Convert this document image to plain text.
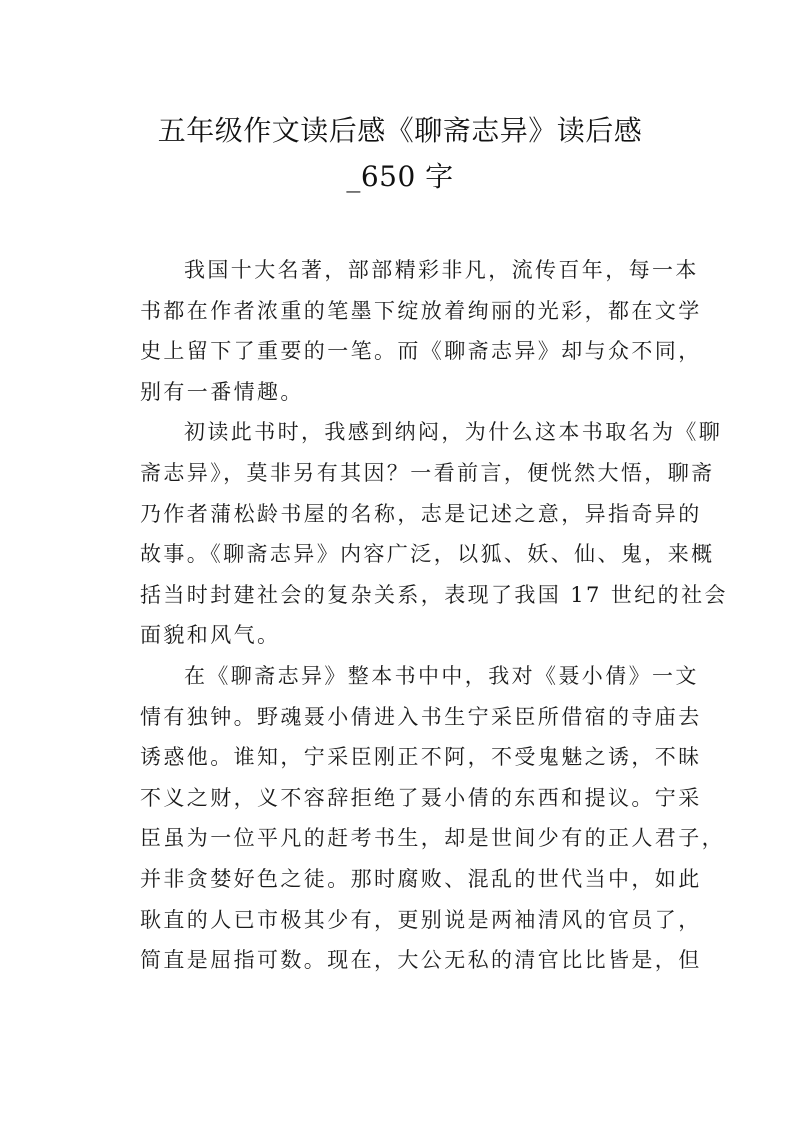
五年级作文读后感《聊斋志异》读后感
_650 字
我国十大名著，部部精彩非凡，流传百年，每一本
书都在作者浓重的笔墨下绽放着绚丽的光彩，都在文学
史上留下了重要的一笔。而《聊斋志异》却与众不同，
别有一番情趣。
初读此书时，我感到纳闷，为什么这本书取名为《聊
斋志异》，莫非另有其因？一看前言，便恍然大悟，聊斋
乃作者蒲松龄书屋的名称，志是记述之意，异指奇异的
故事。《聊斋志异》内容广泛，以狐、妖、仙、鬼，来概
括当时封建社会的复杂关系，表现了我国 17 世纪的社会
面貌和风气。
在《聊斋志异》整本书中中，我对《聂小倩》一文
情有独钟。野魂聂小倩进入书生宁采臣所借宿的寺庙去
诱惑他。谁知，宁采臣刚正不阿，不受鬼魅之诱，不昧
不义之财，义不容辞拒绝了聂小倩的东西和提议。宁采
臣虽为一位平凡的赶考书生，却是世间少有的正人君子，
并非贪婪好色之徒。那时腐败、混乱的世代当中，如此
耿直的人已市极其少有，更别说是两袖清风的官员了，
简直是屈指可数。现在，大公无私的清官比比皆是，但
